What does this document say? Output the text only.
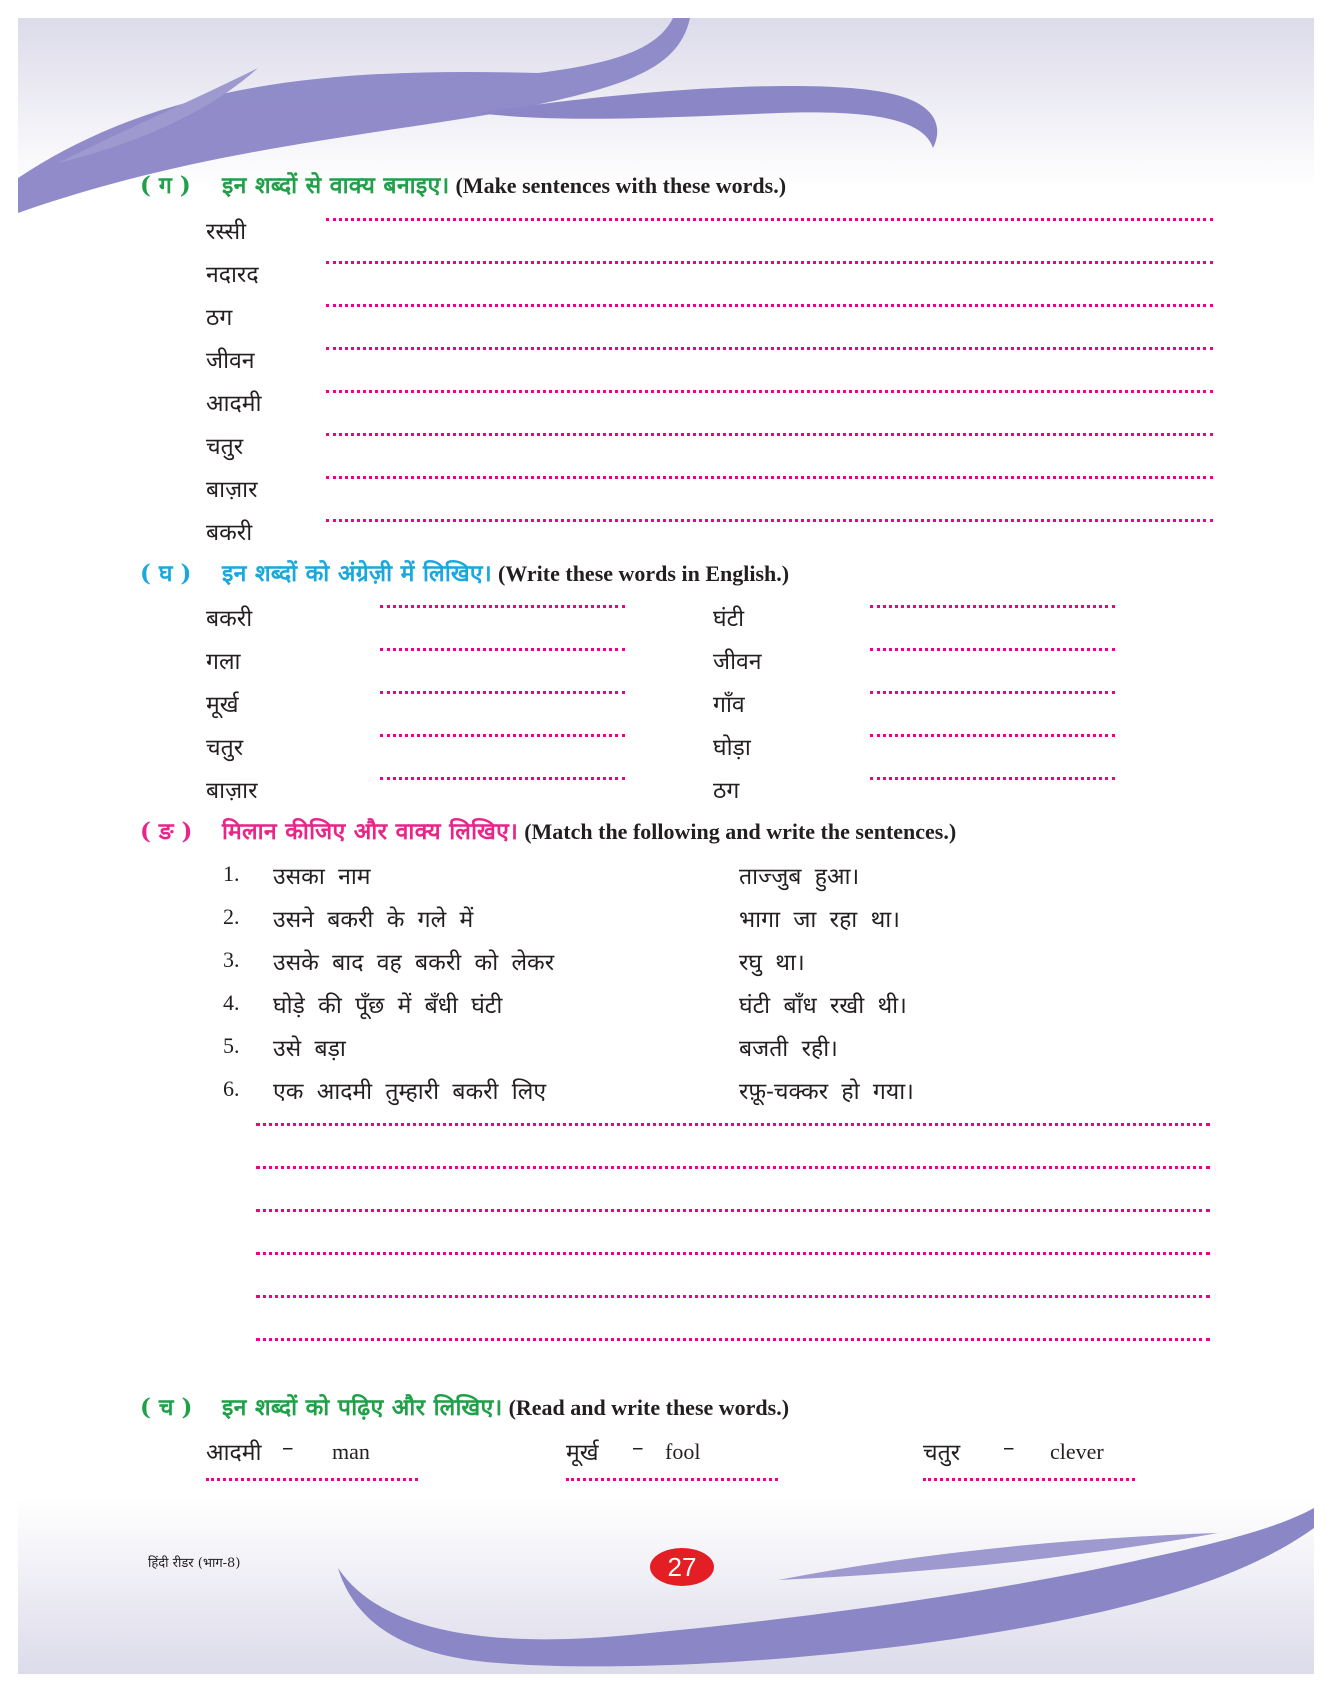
( ग ) इन शब्दों से वाक्य बनाइए। (Make sentences with these words.)
रस्सी
नदारद
ठग
जीवन
आदमी
चतुर
बाज़ार
बकरी
( घ ) इन शब्दों को अंग्रेज़ी में लिखिए। (Write these words in English.)
बकरी	घंटी
गला	जीवन
मूर्ख	गाँव
चतुर	घोड़ा
बाज़ार	ठग
( ङ ) मिलान कीजिए और वाक्य लिखिए। (Match the following and write the sentences.)
1. उसका नाम	ताज्जुब हुआ।
2. उसने बकरी के गले में	भागा जा रहा था।
3. उसके बाद वह बकरी को लेकर	रघु था।
4. घोड़े की पूँछ में बँधी घंटी	घंटी बाँध रखी थी।
5. उसे बड़ा	बजती रही।
6. एक आदमी तुम्हारी बकरी लिए	रफ़ू-चक्कर हो गया।
( च ) इन शब्दों को पढ़िए और लिखिए। (Read and write these words.)
आदमी – man	मूर्ख – fool	चतुर – clever
हिंदी रीडर (भाग-8)	27
